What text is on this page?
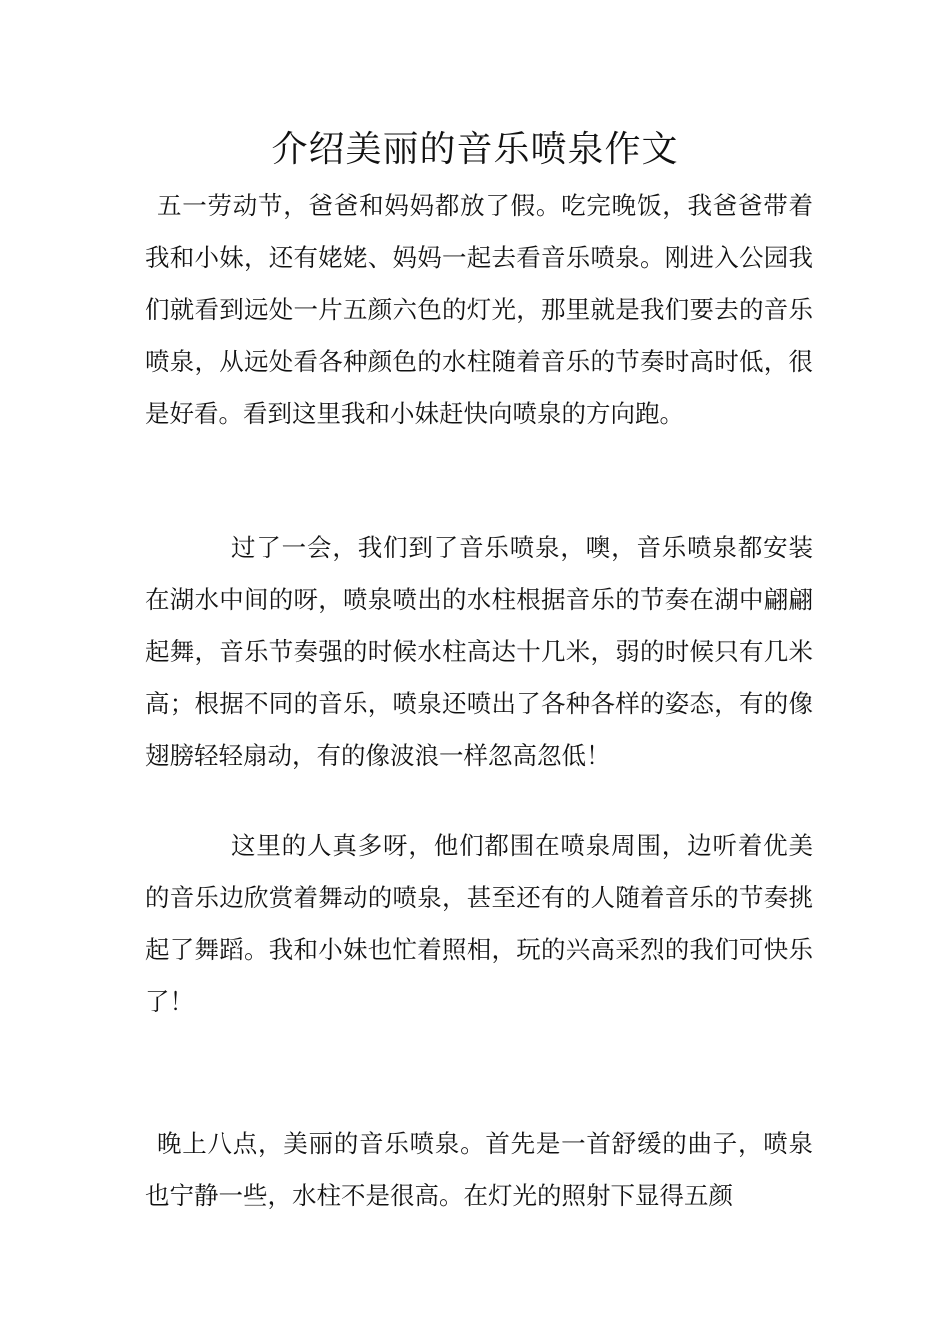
介绍美丽的音乐喷泉作文

五一劳动节，爸爸和妈妈都放了假。吃完晚饭，我爸爸带着我和小妹，还有姥姥、妈妈一起去看音乐喷泉。刚进入公园我们就看到远处一片五颜六色的灯光，那里就是我们要去的音乐喷泉，从远处看各种颜色的水柱随着音乐的节奏时高时低，很是好看。看到这里我和小妹赶快向喷泉的方向跑。

过了一会，我们到了音乐喷泉，噢，音乐喷泉都安装在湖水中间的呀，喷泉喷出的水柱根据音乐的节奏在湖中翩翩起舞，音乐节奏强的时候水柱高达十几米，弱的时候只有几米高；根据不同的音乐，喷泉还喷出了各种各样的姿态，有的像翅膀轻轻扇动，有的像波浪一样忽高忽低！

这里的人真多呀，他们都围在喷泉周围，边听着优美的音乐边欣赏着舞动的喷泉，甚至还有的人随着音乐的节奏挑起了舞蹈。我和小妹也忙着照相，玩的兴高采烈的我们可快乐了！

晚上八点，美丽的音乐喷泉。首先是一首舒缓的曲子，喷泉也宁静一些，水柱不是很高。在灯光的照射下显得五颜
